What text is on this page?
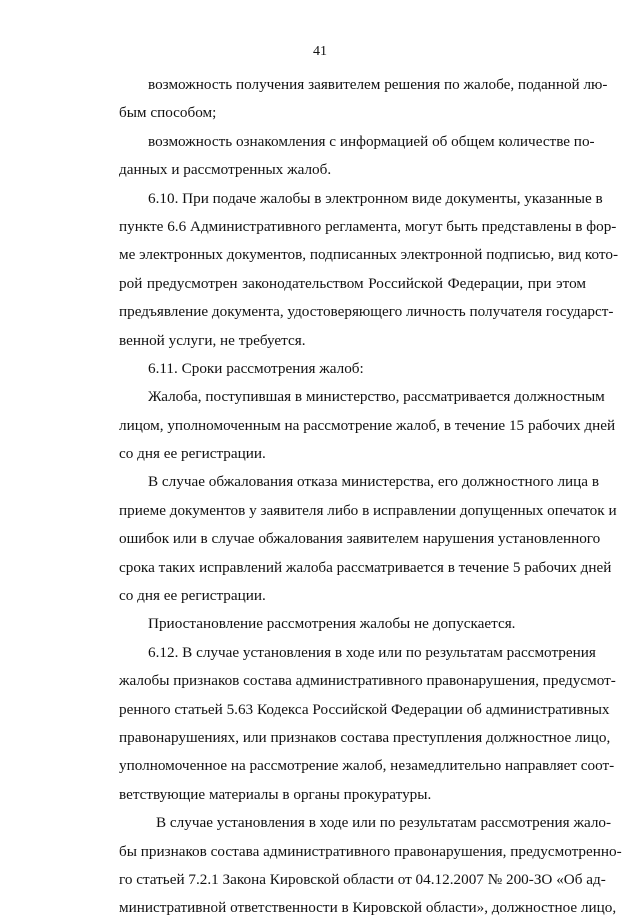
41
возможность получения заявителем решения по жалобе, поданной лю-
бым способом;
возможность ознакомления с информацией об общем количестве по-
данных и рассмотренных жалоб.
6.10. При подаче жалобы в электронном виде документы, указанные в
пункте 6.6 Административного регламента, могут быть представлены в фор-
ме электронных документов, подписанных электронной подписью, вид кото-
рой предусмотрен законодательством Российской Федерации, при этом
предъявление документа, удостоверяющего личность получателя государст-
венной услуги, не требуется.
6.11. Сроки рассмотрения жалоб:
Жалоба, поступившая в министерство, рассматривается должностным
лицом, уполномоченным на рассмотрение жалоб, в течение 15 рабочих дней
со дня ее регистрации.
В случае обжалования отказа министерства, его должностного лица в
приеме документов у заявителя либо в исправлении допущенных опечаток и
ошибок или в случае обжалования заявителем нарушения установленного
срока таких исправлений жалоба рассматривается в течение 5 рабочих дней
со дня ее регистрации.
Приостановление рассмотрения жалобы не допускается.
6.12. В случае установления в ходе или по результатам рассмотрения
жалобы признаков состава административного правонарушения, предусмот-
ренного статьей 5.63 Кодекса Российской Федерации об административных
правонарушениях, или признаков состава преступления должностное лицо,
уполномоченное на рассмотрение жалоб, незамедлительно направляет соот-
ветствующие материалы в органы прокуратуры.
В случае установления в ходе или по результатам рассмотрения жало-
бы признаков состава административного правонарушения, предусмотренно-
го статьей 7.2.1 Закона Кировской области от 04.12.2007 № 200-ЗО «Об ад-
министративной ответственности в Кировской области», должностное лицо,
